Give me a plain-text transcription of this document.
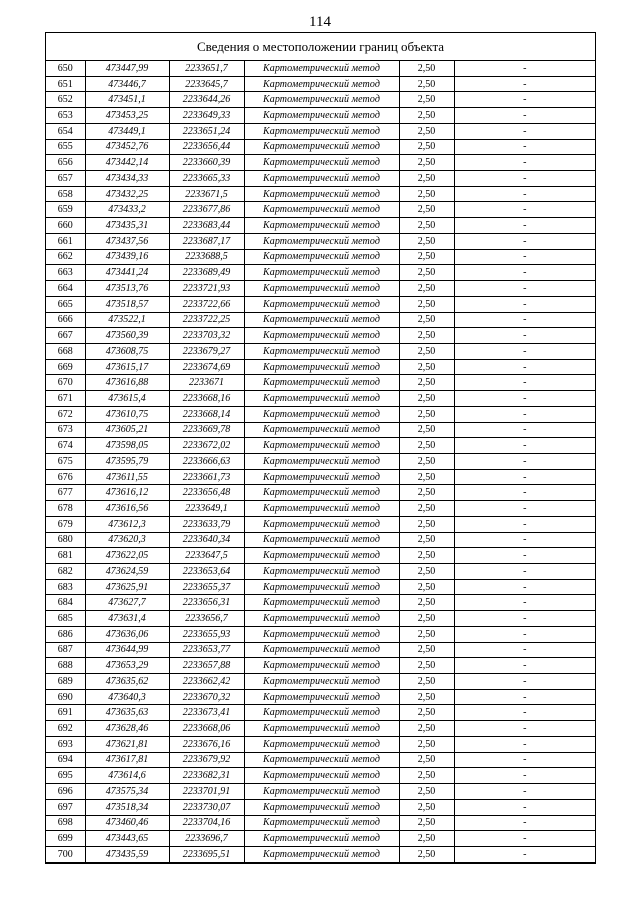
114
Сведения о местоположении границ объекта
650	473447,99	2233651,7	Картометрический метод	2,50	-
651	473446,7	2233645,7	Картометрический метод	2,50	-
652	473451,1	2233644,26	Картометрический метод	2,50	-
653	473453,25	2233649,33	Картометрический метод	2,50	-
654	473449,1	2233651,24	Картометрический метод	2,50	-
655	473452,76	2233656,44	Картометрический метод	2,50	-
656	473442,14	2233660,39	Картометрический метод	2,50	-
657	473434,33	2233665,33	Картометрический метод	2,50	-
658	473432,25	2233671,5	Картометрический метод	2,50	-
659	473433,2	2233677,86	Картометрический метод	2,50	-
660	473435,31	2233683,44	Картометрический метод	2,50	-
661	473437,56	2233687,17	Картометрический метод	2,50	-
662	473439,16	2233688,5	Картометрический метод	2,50	-
663	473441,24	2233689,49	Картометрический метод	2,50	-
664	473513,76	2233721,93	Картометрический метод	2,50	-
665	473518,57	2233722,66	Картометрический метод	2,50	-
666	473522,1	2233722,25	Картометрический метод	2,50	-
667	473560,39	2233703,32	Картометрический метод	2,50	-
668	473608,75	2233679,27	Картометрический метод	2,50	-
669	473615,17	2233674,69	Картометрический метод	2,50	-
670	473616,88	2233671	Картометрический метод	2,50	-
671	473615,4	2233668,16	Картометрический метод	2,50	-
672	473610,75	2233668,14	Картометрический метод	2,50	-
673	473605,21	2233669,78	Картометрический метод	2,50	-
674	473598,05	2233672,02	Картометрический метод	2,50	-
675	473595,79	2233666,63	Картометрический метод	2,50	-
676	473611,55	2233661,73	Картометрический метод	2,50	-
677	473616,12	2233656,48	Картометрический метод	2,50	-
678	473616,56	2233649,1	Картометрический метод	2,50	-
679	473612,3	2233633,79	Картометрический метод	2,50	-
680	473620,3	2233640,34	Картометрический метод	2,50	-
681	473622,05	2233647,5	Картометрический метод	2,50	-
682	473624,59	2233653,64	Картометрический метод	2,50	-
683	473625,91	2233655,37	Картометрический метод	2,50	-
684	473627,7	2233656,31	Картометрический метод	2,50	-
685	473631,4	2233656,7	Картометрический метод	2,50	-
686	473636,06	2233655,93	Картометрический метод	2,50	-
687	473644,99	2233653,77	Картометрический метод	2,50	-
688	473653,29	2233657,88	Картометрический метод	2,50	-
689	473635,62	2233662,42	Картометрический метод	2,50	-
690	473640,3	2233670,32	Картометрический метод	2,50	-
691	473635,63	2233673,41	Картометрический метод	2,50	-
692	473628,46	2233668,06	Картометрический метод	2,50	-
693	473621,81	2233676,16	Картометрический метод	2,50	-
694	473617,81	2233679,92	Картометрический метод	2,50	-
695	473614,6	2233682,31	Картометрический метод	2,50	-
696	473575,34	2233701,91	Картометрический метод	2,50	-
697	473518,34	2233730,07	Картометрический метод	2,50	-
698	473460,46	2233704,16	Картометрический метод	2,50	-
699	473443,65	2233696,7	Картометрический метод	2,50	-
700	473435,59	2233695,51	Картометрический метод	2,50	-
